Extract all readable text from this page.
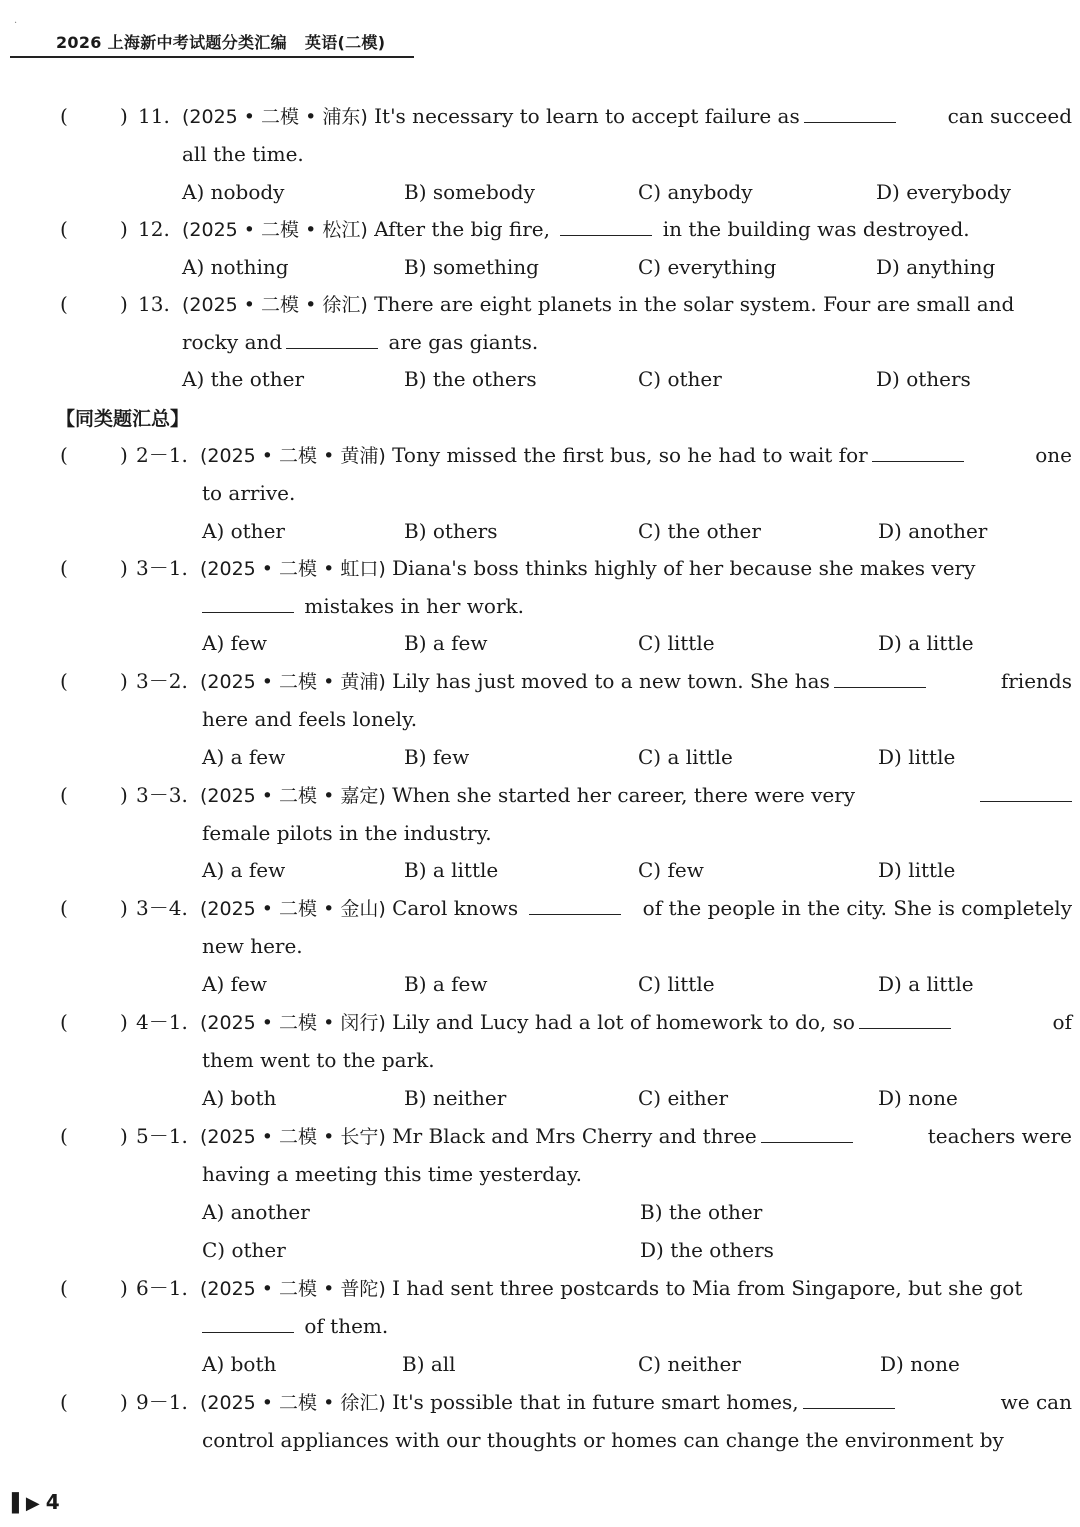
·
2026 上海新中考试题分类汇编 英语(二模)
(	) 11. (2025 • 二模 • 浦东) It's necessary to learn to accept failure as	can succeed
all the time.
A) nobody	B) somebody	C) anybody	D) everybody
(	) 12. (2025 • 二模 • 松江) After the big fire,	in the building was destroyed.
A) nothing	B) something	C) everything	D) anything
(	) 13. (2025 • 二模 • 徐汇) There are eight planets in the solar system. Four are small and
rocky and	are gas giants.
A) the other	B) the others	C) other	D) others
【同类题汇总】
(	) 2－1. (2025 • 二模 • 黄浦) Tony missed the first bus, so he had to wait for	one
to arrive.
A) other	B) others	C) the other	D) another
(	) 3－1. (2025 • 二模 • 虹口) Diana's boss thinks highly of her because she makes very
mistakes in her work.
A) few	B) a few	C) little	D) a little
(	) 3－2. (2025 • 二模 • 黄浦) Lily has just moved to a new town. She has	friends
here and feels lonely.
A) a few	B) few	C) a little	D) little
(	) 3－3. (2025 • 二模 • 嘉定) When she started her career, there were very
female pilots in the industry.
A) a few	B) a little	C) few	D) little
(	) 3－4. (2025 • 二模 • 金山) Carol knows	of the people in the city. She is completely
new here.
A) few	B) a few	C) little	D) a little
(	) 4－1. (2025 • 二模 • 闵行) Lily and Lucy had a lot of homework to do, so	of
them went to the park.
A) both	B) neither	C) either	D) none
(	) 5－1. (2025 • 二模 • 长宁) Mr Black and Mrs Cherry and three	teachers were
having a meeting this time yesterday.
A) another	B) the other
C) other	D) the others
(	) 6－1. (2025 • 二模 • 普陀) I had sent three postcards to Mia from Singapore, but she got
of them.
A) both	B) all	C) neither	D) none
(	) 9－1. (2025 • 二模 • 徐汇) It's possible that in future smart homes,	we can
control appliances with our thoughts or homes can change the environment by
▌▶ 4
